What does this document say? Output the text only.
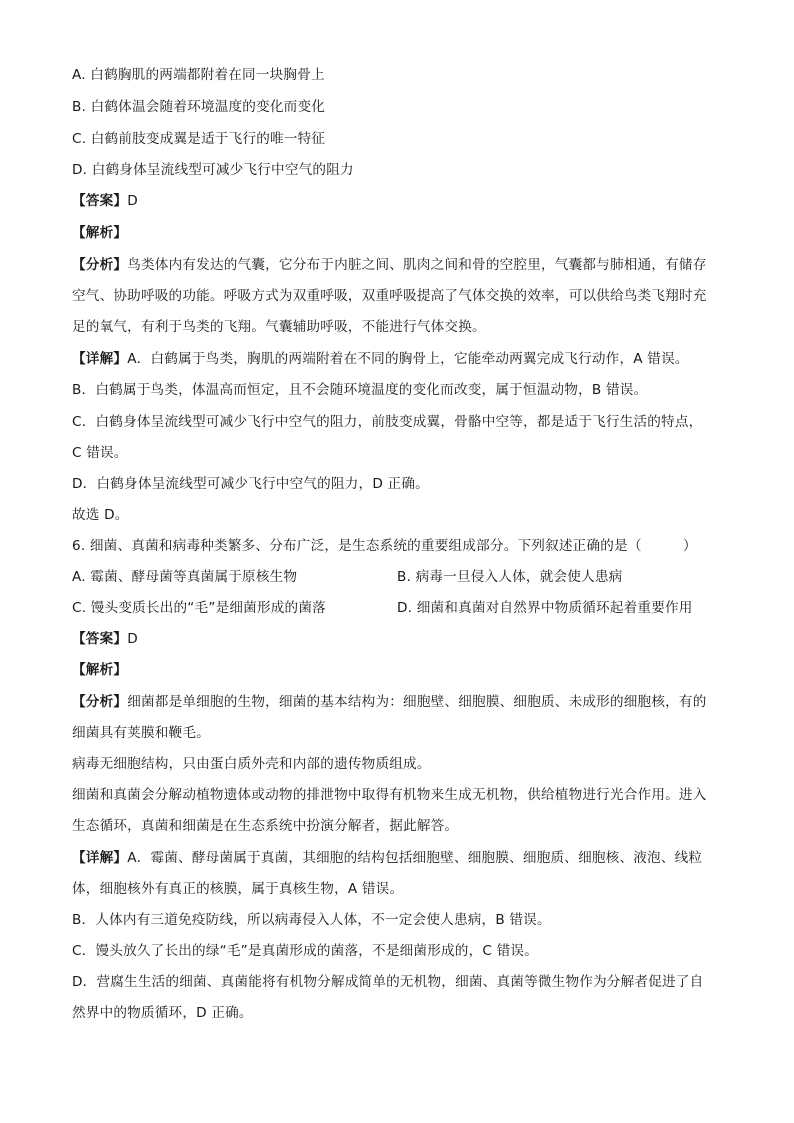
A. 白鹤胸肌的两端都附着在同一块胸骨上
B. 白鹤体温会随着环境温度的变化而变化
C. 白鹤前肢变成翼是适于飞行的唯一特征
D. 白鹤身体呈流线型可减少飞行中空气的阻力
【答案】D
【解析】
【分析】鸟类体内有发达的气囊，它分布于内脏之间、肌肉之间和骨的空腔里，气囊都与肺相通，有储存
空气、协助呼吸的功能。呼吸方式为双重呼吸，双重呼吸提高了气体交换的效率，可以供给鸟类飞翔时充
足的氧气，有利于鸟类的飞翔。气囊辅助呼吸，不能进行气体交换。
【详解】A．白鹤属于鸟类，胸肌的两端附着在不同的胸骨上，它能牵动两翼完成飞行动作，A 错误。
B．白鹤属于鸟类，体温高而恒定，且不会随环境温度的变化而改变，属于恒温动物，B 错误。
C．白鹤身体呈流线型可减少飞行中空气的阻力，前肢变成翼，骨骼中空等，都是适于飞行生活的特点，
C 错误。
D．白鹤身体呈流线型可减少飞行中空气的阻力，D 正确。
故选 D。
6. 细菌、真菌和病毒种类繁多、分布广泛，是生态系统的重要组成部分。下列叙述正确的是（　　　）
A. 霉菌、酵母菌等真菌属于原核生物	B. 病毒一旦侵入人体，就会使人患病
C. 馒头变质长出的“毛”是细菌形成的菌落	D. 细菌和真菌对自然界中物质循环起着重要作用
【答案】D
【解析】
【分析】细菌都是单细胞的生物，细菌的基本结构为：细胞壁、细胞膜、细胞质、未成形的细胞核，有的
细菌具有荚膜和鞭毛。
病毒无细胞结构，只由蛋白质外壳和内部的遗传物质组成。
细菌和真菌会分解动植物遗体或动物的排泄物中取得有机物来生成无机物，供给植物进行光合作用。进入
生态循环，真菌和细菌是在生态系统中扮演分解者，据此解答。
【详解】A．霉菌、酵母菌属于真菌，其细胞的结构包括细胞壁、细胞膜、细胞质、细胞核、液泡、线粒
体，细胞核外有真正的核膜，属于真核生物，A 错误。
B．人体内有三道免疫防线，所以病毒侵入人体，不一定会使人患病，B 错误。
C．馒头放久了长出的绿“毛”是真菌形成的菌落，不是细菌形成的，C 错误。
D．营腐生生活的细菌、真菌能将有机物分解成简单的无机物，细菌、真菌等微生物作为分解者促进了自
然界中的物质循环，D 正确。
